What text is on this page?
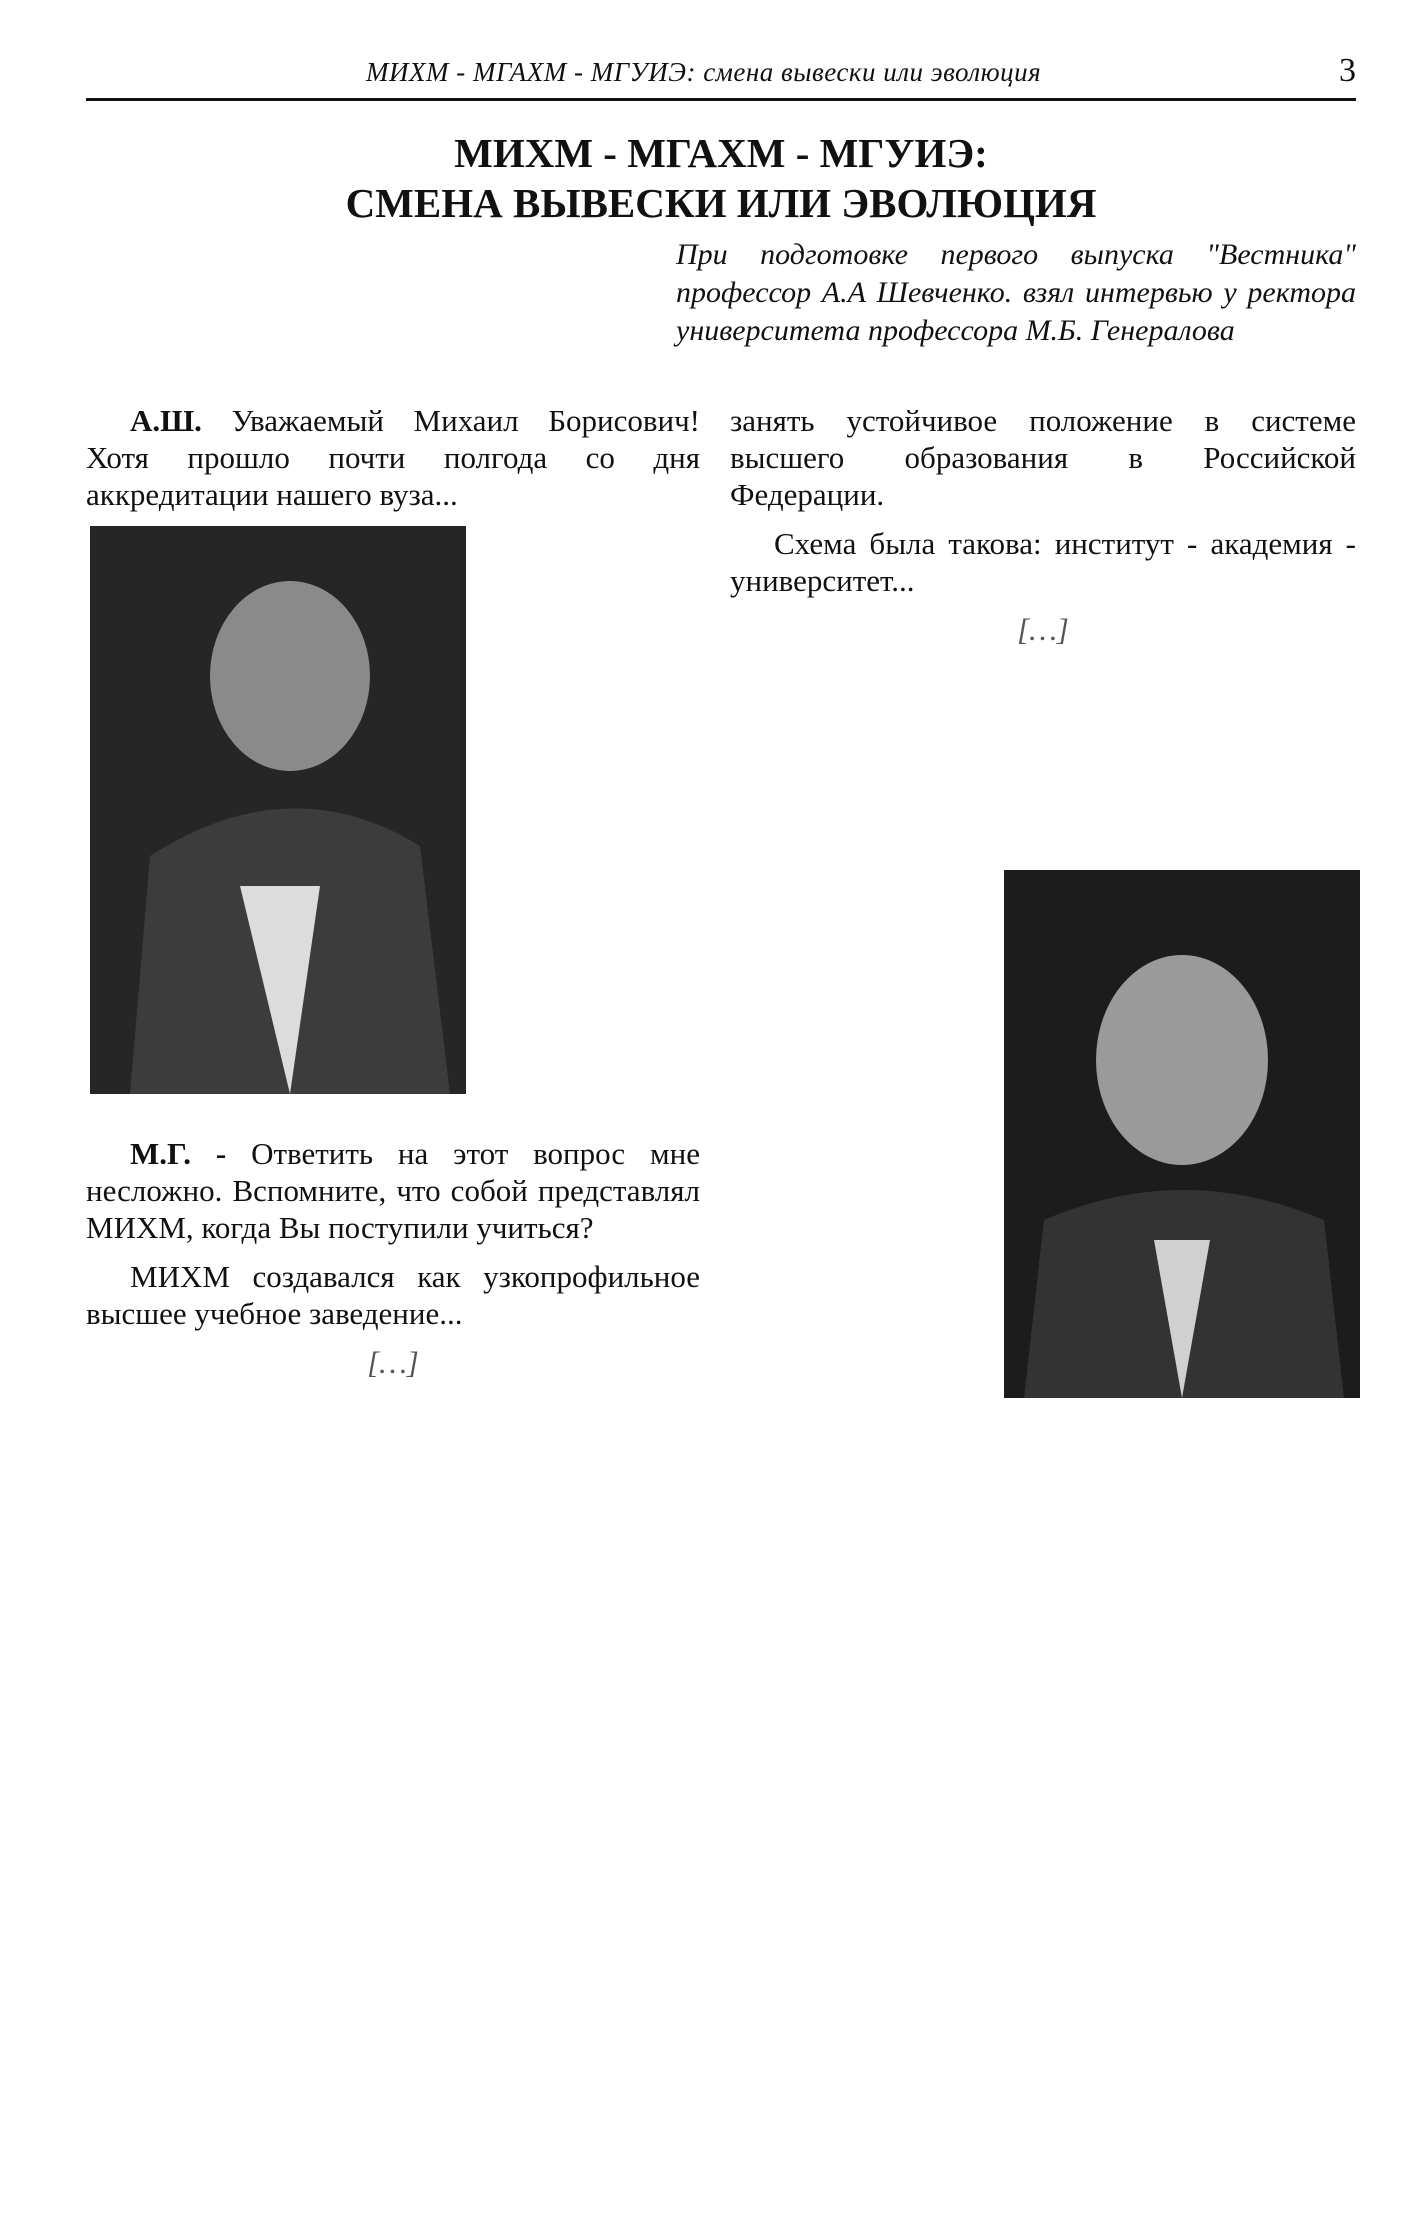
МИХМ - МГАХМ - МГУИЭ: смена вывески или эволюция	3
МИХМ - МГАХМ - МГУИЭ:
СМЕНА ВЫВЕСКИ ИЛИ ЭВОЛЮЦИЯ
При подготовке первого выпуска "Вестника" профессор А.А Шевченко. взял интервью у ректора университета профессора М.Б. Генералова

А.Ш. Уважаемый Михаил Борисович! Хотя прошло почти полгода со дня аккредитации нашего вуза...

М.Г. - Ответить на этот вопрос мне несложно. Вспомните, что собой представлял МИХМ, когда Вы поступили учиться?

МИХМ создавался как узкопрофильное высшее учебное заведение...

[…]

занять устойчивое положение в системе высшего образования в Российской Федерации.

Схема была такова: институт - академия - университет...

[…]
